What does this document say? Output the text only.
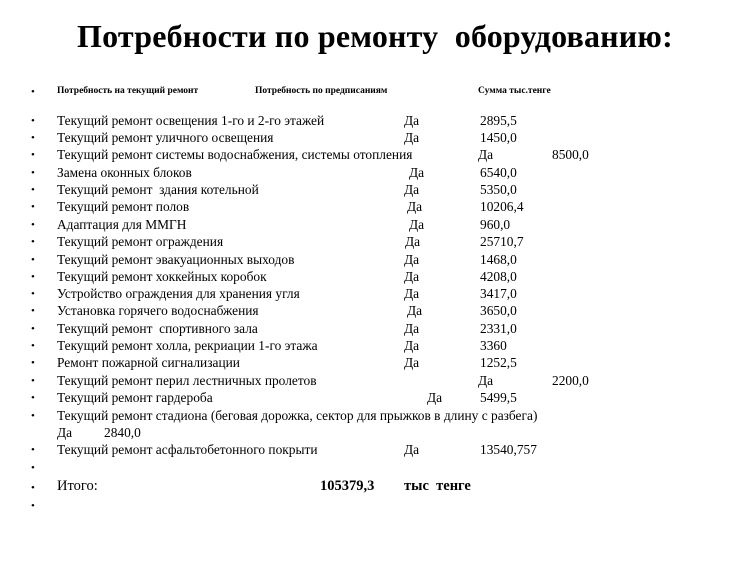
Потребности по ремонту  оборудованию:
• Потребность на текущий ремонт	Потребность по предписаниям	Сумма тыс.тенге
• Текущий ремонт освещения 1-го и 2-го этажей	Да	2895,5
• Текущий ремонт уличного освещения	Да	1450,0
• Текущий ремонт системы водоснабжения, системы отопления	Да	8500,0
• Замена оконных блоков	Да	6540,0
• Текущий ремонт  здания котельной	Да	5350,0
• Текущий ремонт полов	Да	10206,4
• Адаптация для ММГН	Да	960,0
• Текущий ремонт ограждения	Да	25710,7
• Текущий ремонт эвакуационных выходов	Да	1468,0
• Текущий ремонт хоккейных коробок	Да	4208,0
• Устройство ограждения для хранения угля	Да	3417,0
• Установка горячего водоснабжения	Да	3650,0
• Текущий ремонт  спортивного зала	Да	2331,0
• Текущий ремонт холла, рекриации 1-го этажа	Да	3360
• Ремонт пожарной сигнализации	Да	1252,5
• Текущий ремонт перил лестничных пролетов	Да	2200,0
• Текущий ремонт гардероба	Да	5499,5
• Текущий ремонт стадиона (беговая дорожка, сектор для прыжков в длину с разбега)
Да 2840,0
• Текущий ремонт асфальтобетонного покрыти	Да	13540,757
•
• Итого:	105379,3 тыс  тенге
•
